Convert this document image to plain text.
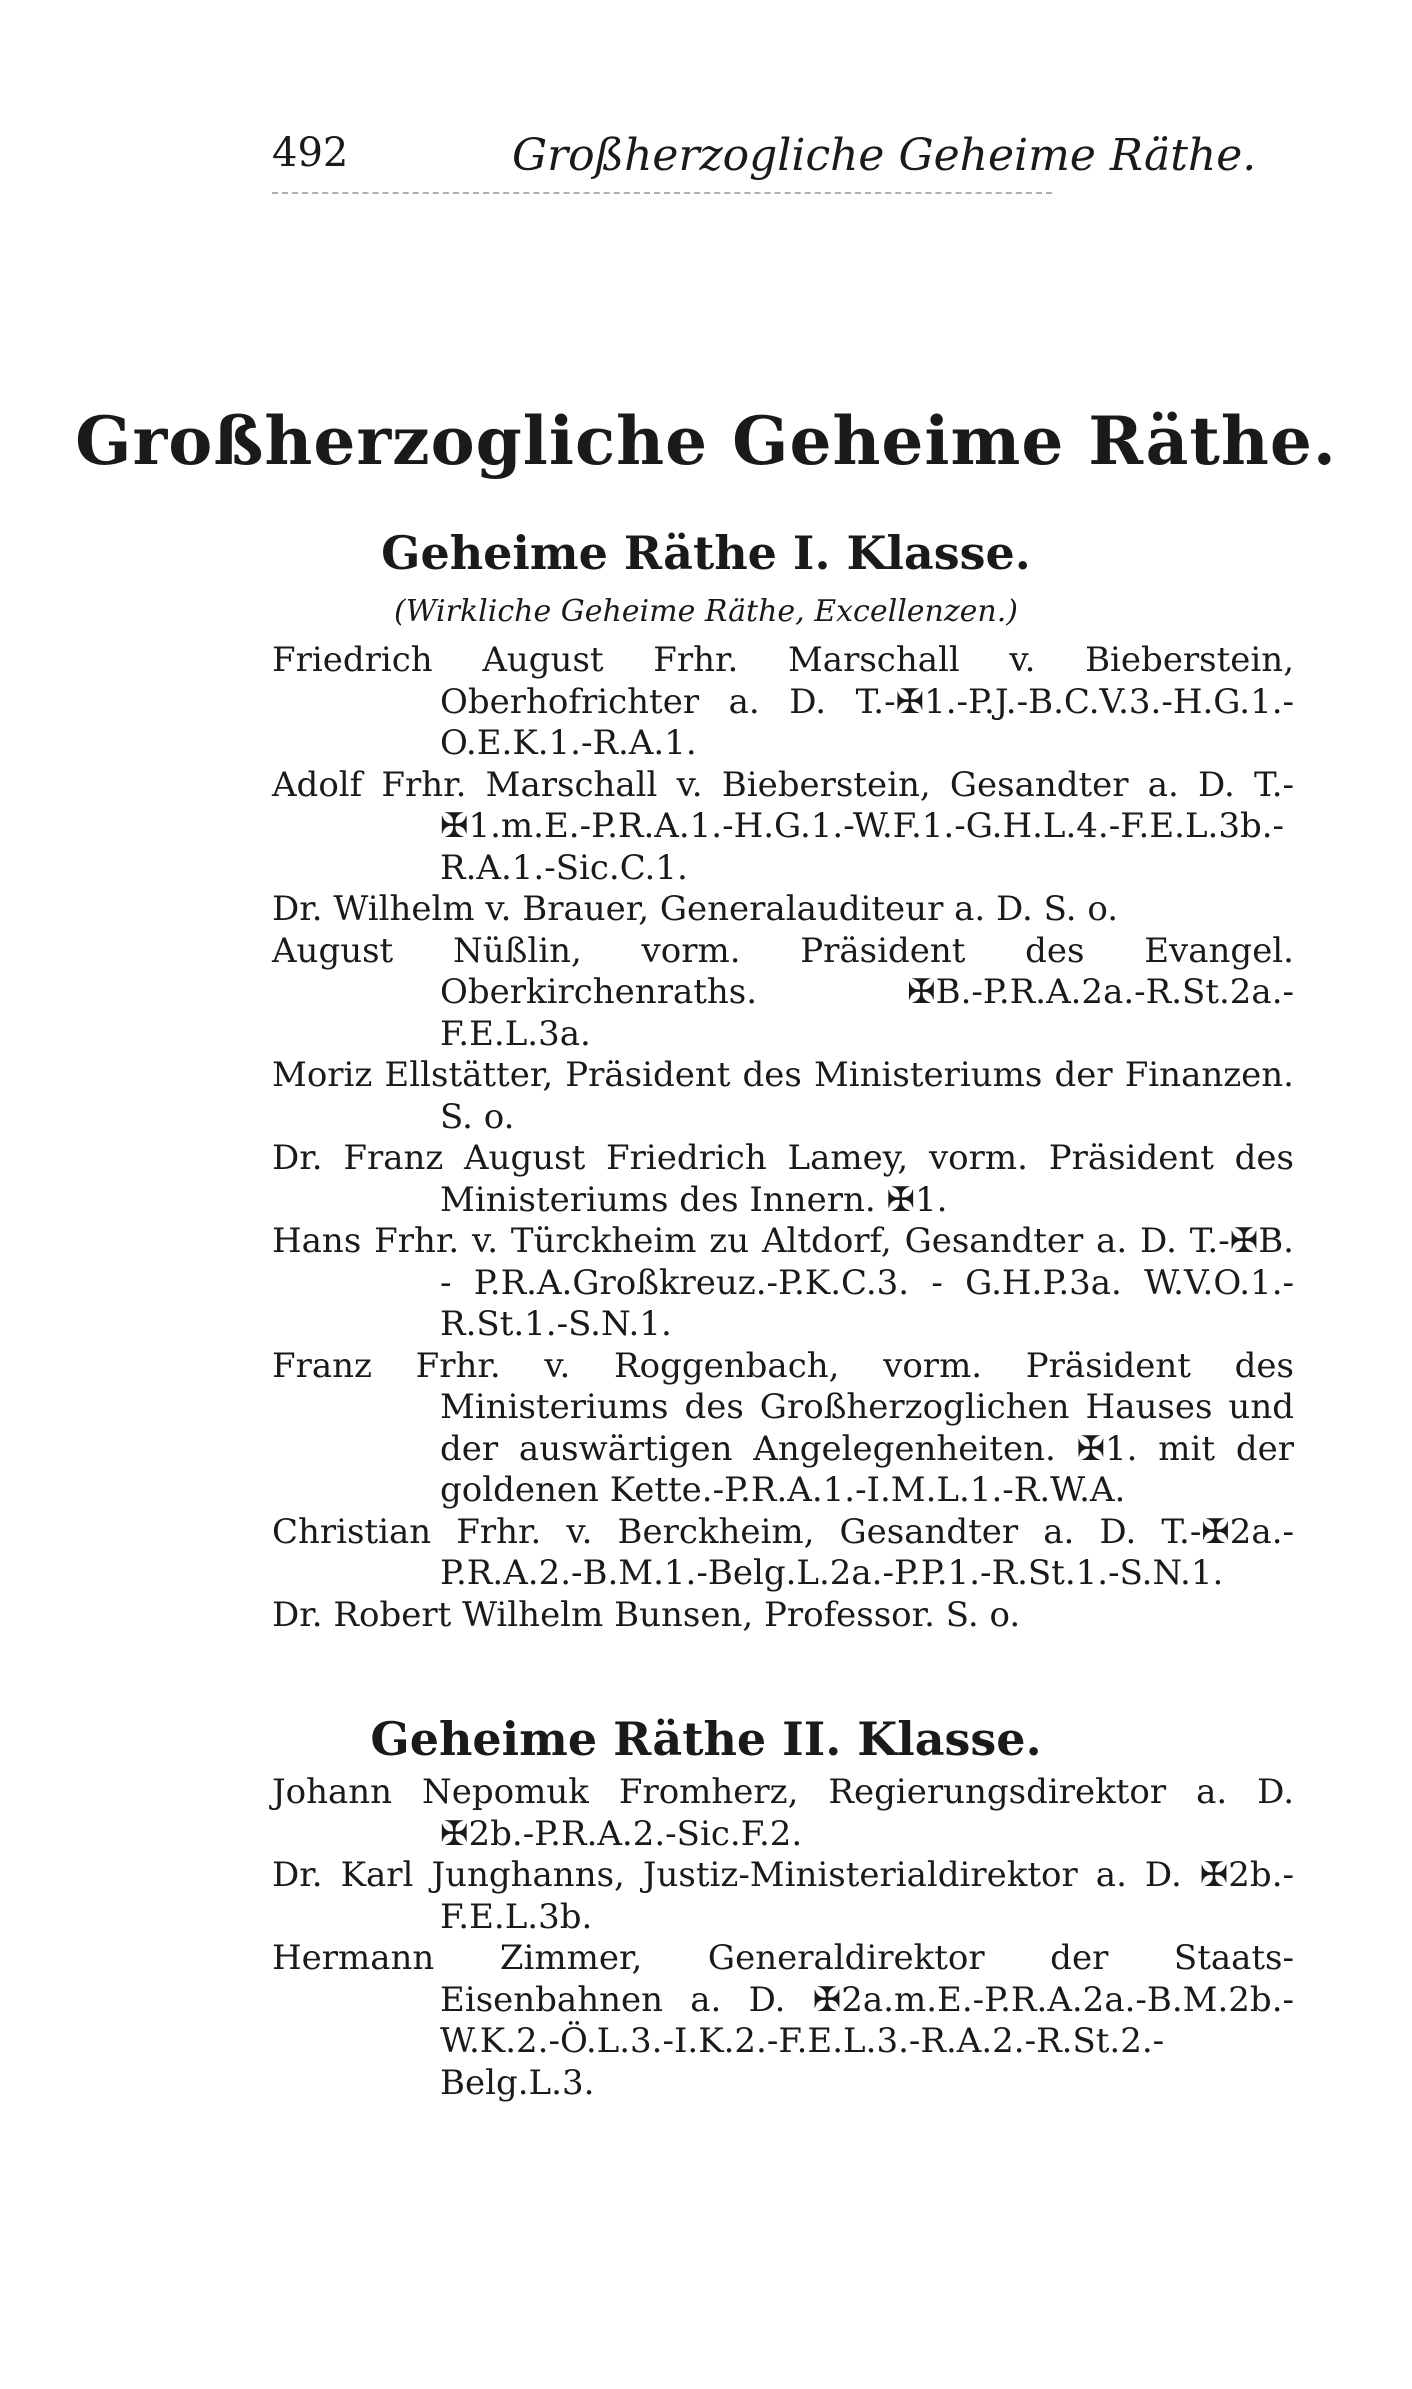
492	Großherzogliche Geheime Räthe.
Großherzogliche Geheime Räthe.
Geheime Räthe I. Klasse.
(Wirkliche Geheime Räthe, Excellenzen.)
Friedrich August Frhr. Marschall v. Bieberstein, Oberhofrichter a. D. T.-✠1.-P.J.-B.C.V.3.-H.G.1.-O.E.K.1.-R.A.1.
Adolf Frhr. Marschall v. Bieberstein, Gesandter a. D. T.-✠1.m.E.-P.R.A.1.-H.G.1.-W.F.1.-G.H.L.4.-F.E.L.3b.-R.A.1.-Sic.C.1.
Dr. Wilhelm v. Brauer, Generalauditeur a. D. S. o.
August Nüßlin, vorm. Präsident des Evangel. Oberkirchenraths. ✠B.-P.R.A.2a.-R.St.2a.-F.E.L.3a.
Moriz Ellstätter, Präsident des Ministeriums der Finanzen. S. o.
Dr. Franz August Friedrich Lamey, vorm. Präsident des Ministeriums des Innern. ✠1.
Hans Frhr. v. Türckheim zu Altdorf, Gesandter a. D. T.-✠B. - P.R.A.Großkreuz.-P.K.C.3. - G.H.P.3a. W.V.O.1.-R.St.1.-S.N.1.
Franz Frhr. v. Roggenbach, vorm. Präsident des Ministeriums des Großherzoglichen Hauses und der auswärtigen Angelegenheiten. ✠1. mit der goldenen Kette.-P.R.A.1.-I.M.L.1.-R.W.A.
Christian Frhr. v. Berckheim, Gesandter a. D. T.-✠2a.-P.R.A.2.-B.M.1.-Belg.L.2a.-P.P.1.-R.St.1.-S.N.1.
Dr. Robert Wilhelm Bunsen, Professor. S. o.
Geheime Räthe II. Klasse.
Johann Nepomuk Fromherz, Regierungsdirektor a. D. ✠2b.-P.R.A.2.-Sic.F.2.
Dr. Karl Junghanns, Justiz-Ministerialdirektor a. D. ✠2b.-F.E.L.3b.
Hermann Zimmer, Generaldirektor der Staats-Eisenbahnen a. D. ✠2a.m.E.-P.R.A.2a.-B.M.2b.-W.K.2.-Ö.L.3.-I.K.2.-F.E.L.3.-R.A.2.-R.St.2.-Belg.L.3.
